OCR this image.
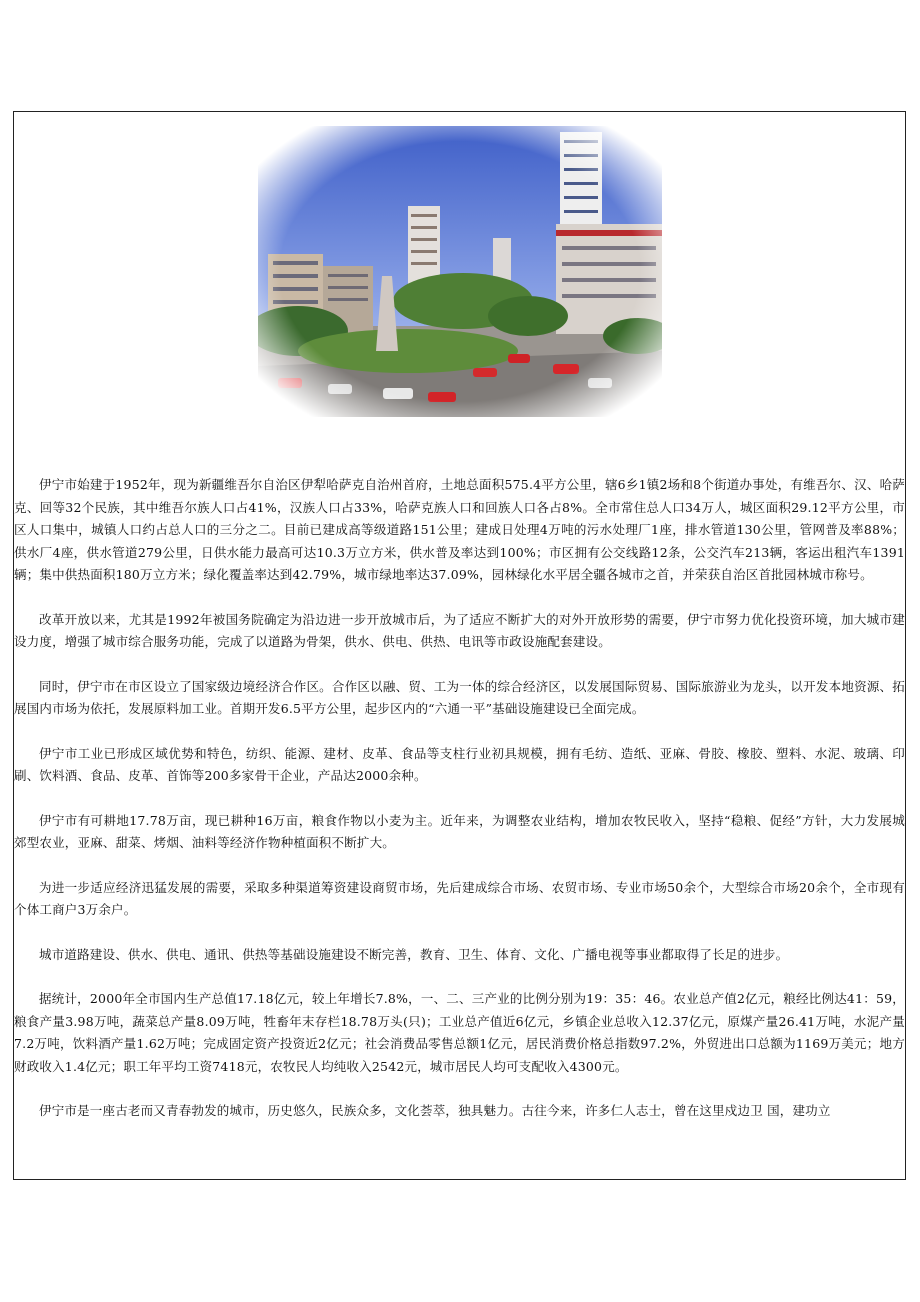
伊宁市始建于1952年，现为新疆维吾尔自治区伊犁哈萨克自治州首府，土地总面积575.4平方公里，辖6乡1镇2场和8个街道办事处，有维吾尔、汉、哈萨克、回等32个民族，其中维吾尔族人口占41%，汉族人口占33%，哈萨克族人口和回族人口各占8%。全市常住总人口34万人，城区面积29.12平方公里，市区人口集中，城镇人口约占总人口的三分之二。目前已建成高等级道路151公里；建成日处理4万吨的污水处理厂1座，排水管道130公里，管网普及率88%；供水厂4座，供水管道279公里，日供水能力最高可达10.3万立方米，供水普及率达到100%；市区拥有公交线路12条，公交汽车213辆，客运出租汽车1391辆；集中供热面积180万立方米；绿化覆盖率达到42.79%，城市绿地率达37.09%，园林绿化水平居全疆各城市之首，并荣获自治区首批园林城市称号。

改革开放以来，尤其是1992年被国务院确定为沿边进一步开放城市后，为了适应不断扩大的对外开放形势的需要，伊宁市努力优化投资环境，加大城市建设力度，增强了城市综合服务功能，完成了以道路为骨架，供水、供电、供热、电讯等市政设施配套建设。

同时，伊宁市在市区设立了国家级边境经济合作区。合作区以融、贸、工为一体的综合经济区，以发展国际贸易、国际旅游业为龙头，以开发本地资源、拓展国内市场为依托，发展原料加工业。首期开发6.5平方公里，起步区内的“六通一平”基础设施建设已全面完成。

伊宁市工业已形成区域优势和特色，纺织、能源、建材、皮革、食品等支柱行业初具规模，拥有毛纺、造纸、亚麻、骨胶、橡胶、塑料、水泥、玻璃、印刷、饮料酒、食品、皮革、首饰等200多家骨干企业，产品达2000余种。

伊宁市有可耕地17.78万亩，现已耕种16万亩，粮食作物以小麦为主。近年来，为调整农业结构，增加农牧民收入，坚持“稳粮、促经”方针，大力发展城郊型农业，亚麻、甜菜、烤烟、油料等经济作物种植面积不断扩大。

为进一步适应经济迅猛发展的需要，采取多种渠道筹资建设商贸市场，先后建成综合市场、农贸市场、专业市场50余个，大型综合市场20余个，全市现有个体工商户3万余户。

城市道路建设、供水、供电、通讯、供热等基础设施建设不断完善，教育、卫生、体育、文化、广播电视等事业都取得了长足的进步。

据统计，2000年全市国内生产总值17.18亿元，较上年增长7.8%，一、二、三产业的比例分别为19：35：46。农业总产值2亿元，粮经比例达41：59，粮食产量3.98万吨，蔬菜总产量8.09万吨，牲畜年末存栏18.78万头(只)；工业总产值近6亿元，乡镇企业总收入12.37亿元，原煤产量26.41万吨，水泥产量7.2万吨，饮料酒产量1.62万吨；完成固定资产投资近2亿元；社会消费品零售总额1亿元，居民消费价格总指数97.2%，外贸进出口总额为1169万美元；地方财政收入1.4亿元；职工年平均工资7418元，农牧民人均纯收入2542元，城市居民人均可支配收入4300元。

伊宁市是一座古老而又青春勃发的城市，历史悠久，民族众多，文化荟萃，独具魅力。古往今来，许多仁人志士，曾在这里戍边卫 国，建功立
